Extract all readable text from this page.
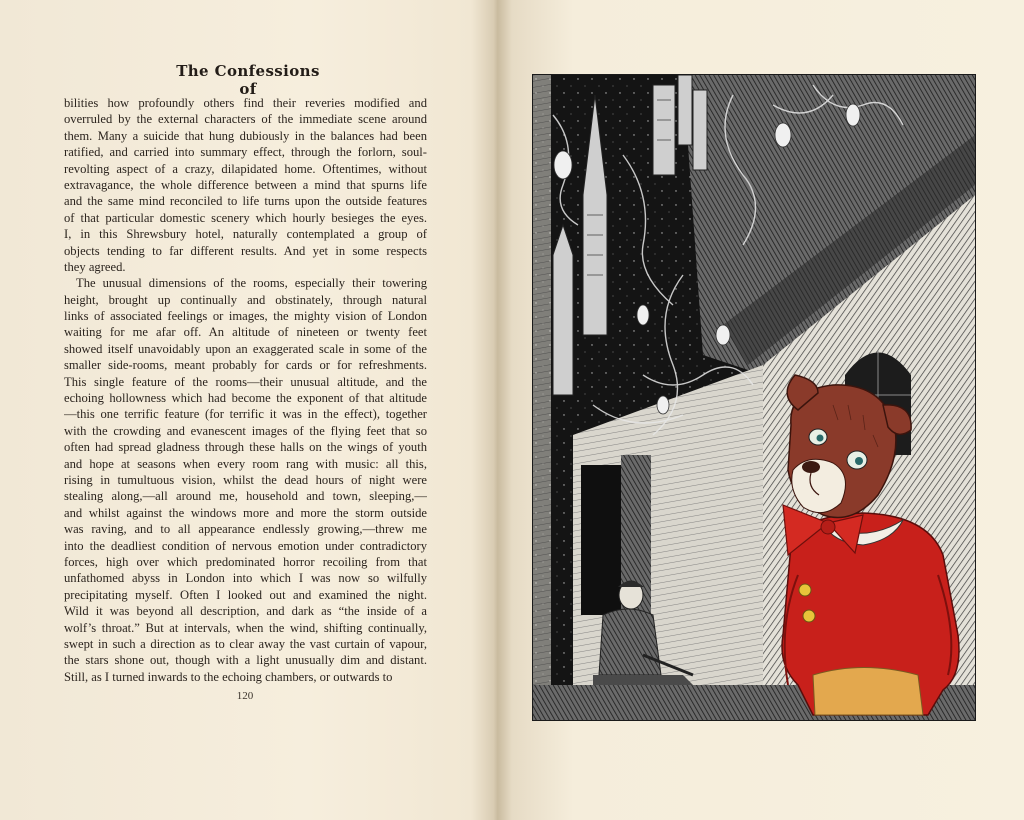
The Confessions of
bilities how profoundly others find their reveries modified and
overruled by the external characters of the immediate scene around
them. Many a suicide that hung dubiously in the balances had been
ratified, and carried into summary effect, through the forlorn, soul-
revolting aspect of a crazy, dilapidated home. Oftentimes, without
extravagance, the whole difference between a mind that spurns life
and the same mind reconciled to life turns upon the outside features
of that particular domestic scenery which hourly besieges the eyes.
I, in this Shrewsbury hotel, naturally contemplated a group of
objects tending to far different results. And yet in some respects
they agreed.
The unusual dimensions of the rooms, especially their towering
height, brought up continually and obstinately, through natural
links of associated feelings or images, the mighty vision of London
waiting for me afar off. An altitude of nineteen or twenty feet
showed itself unavoidably upon an exaggerated scale in some of the
smaller side-rooms, meant probably for cards or for refreshments.
This single feature of the rooms—their unusual altitude, and the
echoing hollowness which had become the exponent of that altitude
—this one terrific feature (for terrific it was in the effect), together
with the crowding and evanescent images of the flying feet that so
often had spread gladness through these halls on the wings of youth
and hope at seasons when every room rang with music: all this,
rising in tumultuous vision, whilst the dead hours of night were
stealing along,—all around me, household and town, sleeping,—
and whilst against the windows more and more the storm outside
was raving, and to all appearance endlessly growing,—threw me
into the deadliest condition of nervous emotion under contradictory
forces, high over which predominated horror recoiling from that
unfathomed abyss in London into which I was now so wilfully
precipitating myself. Often I looked out and examined the night.
Wild it was beyond all description, and dark as “the inside of a
wolf’s throat.” But at intervals, when the wind, shifting continually,
swept in such a direction as to clear away the vast curtain of vapour,
the stars shone out, though with a light unusually dim and distant.
Still, as I turned inwards to the echoing chambers, or outwards to
120
